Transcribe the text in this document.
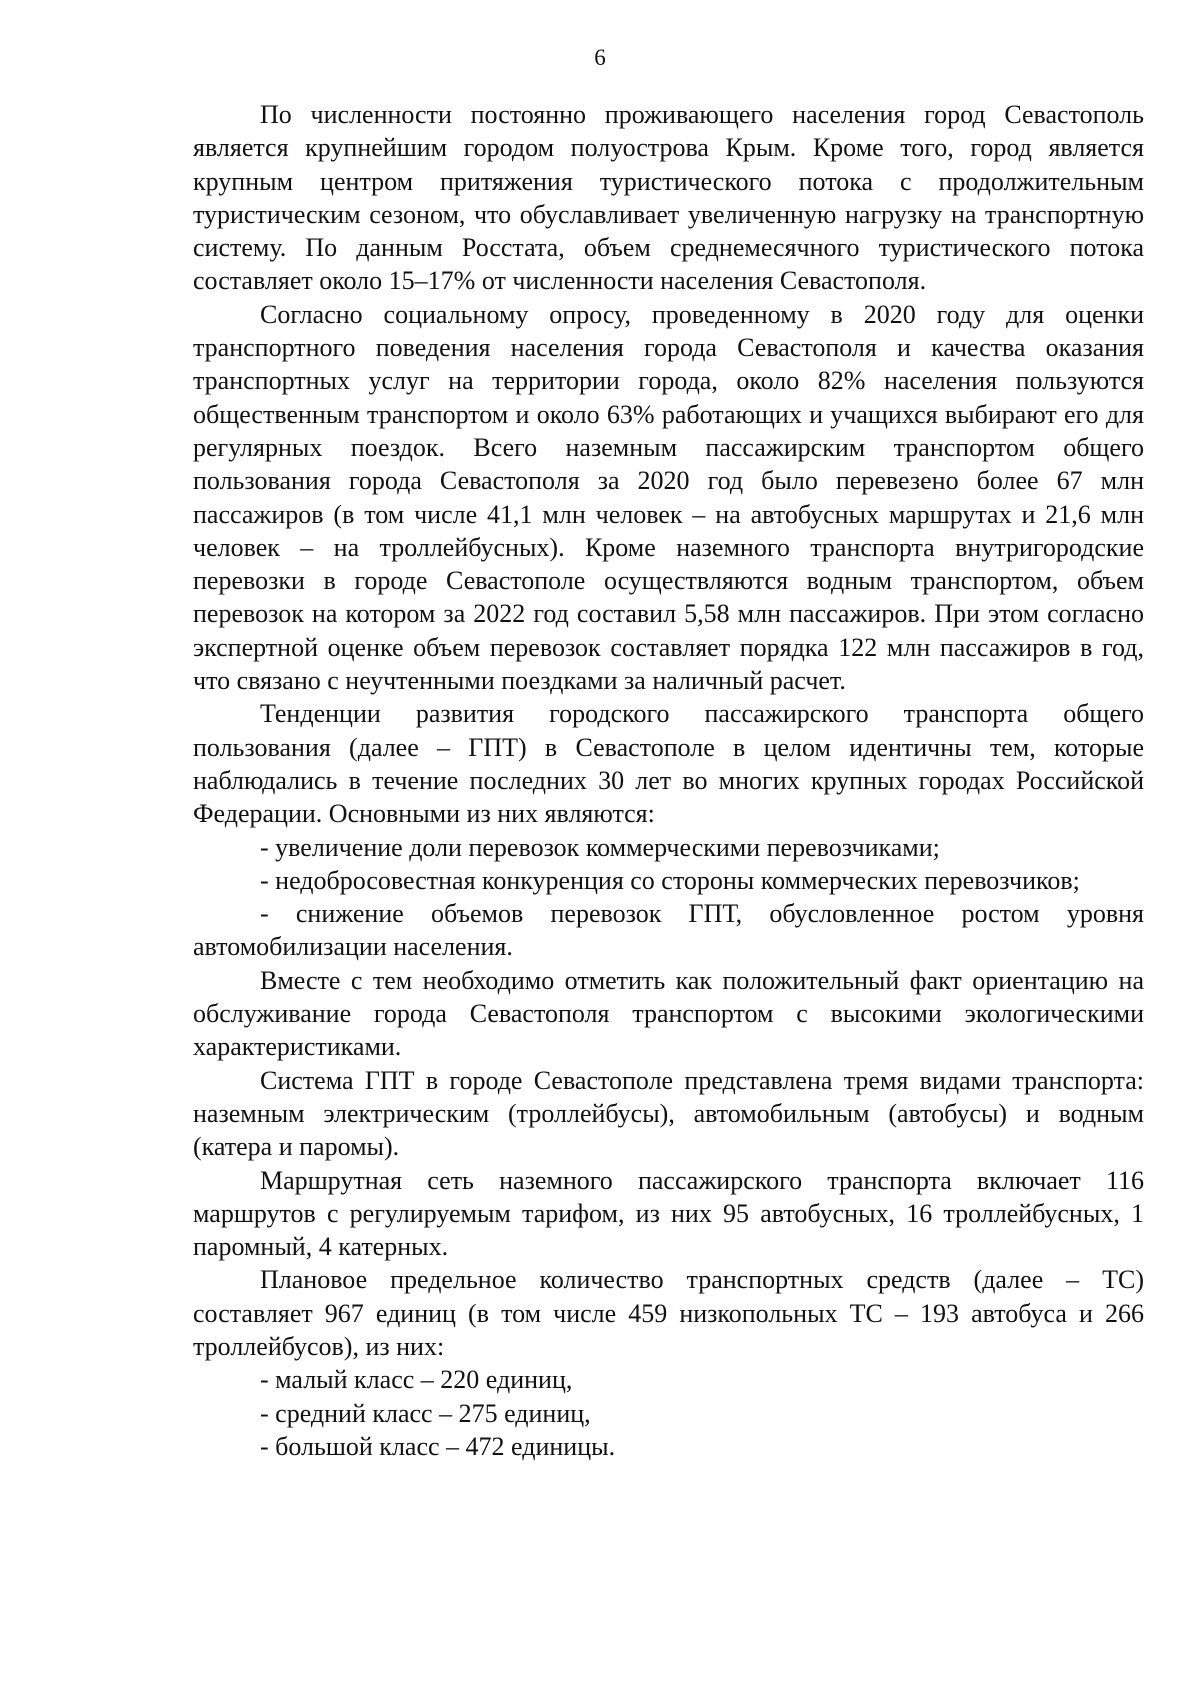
6

По численности постоянно проживающего населения город Севастополь является крупнейшим городом полуострова Крым. Кроме того, город является крупным центром притяжения туристического потока с продолжительным туристическим сезоном, что обуславливает увеличенную нагрузку на транспортную систему. По данным Росстата, объем среднемесячного туристического потока составляет около 15–17% от численности населения Севастополя.

Согласно социальному опросу, проведенному в 2020 году для оценки транспортного поведения населения города Севастополя и качества оказания транспортных услуг на территории города, около 82% населения пользуются общественным транспортом и около 63% работающих и учащихся выбирают его для регулярных поездок. Всего наземным пассажирским транспортом общего пользования города Севастополя за 2020 год было перевезено более 67 млн пассажиров (в том числе 41,1 млн человек – на автобусных маршрутах и 21,6 млн человек – на троллейбусных). Кроме наземного транспорта внутригородские перевозки в городе Севастополе осуществляются водным транспортом, объем перевозок на котором за 2022 год составил 5,58 млн пассажиров. При этом согласно экспертной оценке объем перевозок составляет порядка 122 млн пассажиров в год, что связано с неучтенными поездками за наличный расчет.

Тенденции развития городского пассажирского транспорта общего пользования (далее – ГПТ) в Севастополе в целом идентичны тем, которые наблюдались в течение последних 30 лет во многих крупных городах Российской Федерации. Основными из них являются:

- увеличение доли перевозок коммерческими перевозчиками;

- недобросовестная конкуренция со стороны коммерческих перевозчиков;

- снижение объемов перевозок ГПТ, обусловленное ростом уровня автомобилизации населения.

Вместе с тем необходимо отметить как положительный факт ориентацию на обслуживание города Севастополя транспортом с высокими экологическими характеристиками.

Система ГПТ в городе Севастополе представлена тремя видами транспорта: наземным электрическим (троллейбусы), автомобильным (автобусы) и водным (катера и паромы).

Маршрутная сеть наземного пассажирского транспорта включает 116 маршрутов с регулируемым тарифом, из них 95 автобусных, 16 троллейбусных, 1 паромный, 4 катерных.

Плановое предельное количество транспортных средств (далее – ТС) составляет 967 единиц (в том числе 459 низкопольных ТС – 193 автобуса и 266 троллейбусов), из них:

- малый класс – 220 единиц,

- средний класс – 275 единиц,

- большой класс – 472 единицы.
